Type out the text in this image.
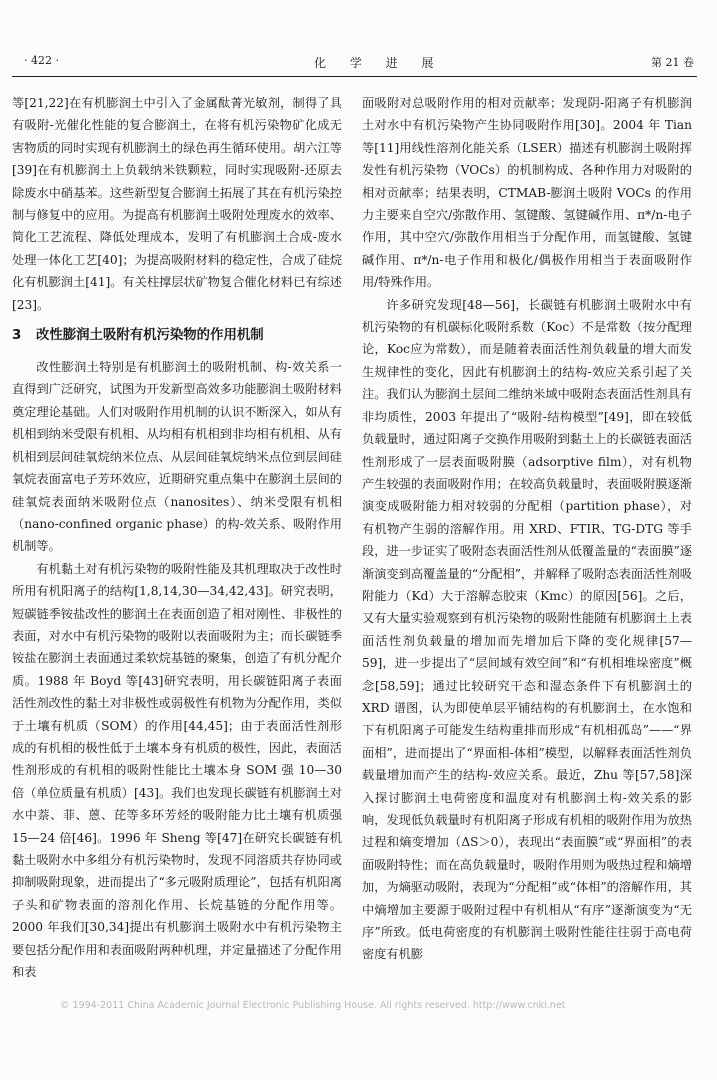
· 422 ·	化 学 进 展	第 21 卷

等[21,22]在有机膨润土中引入了金属酞菁光敏剂，制得了具有吸附-光催化性能的复合膨润土，在将有机污染物矿化成无害物质的同时实现有机膨润土的绿色再生循环使用。胡六江等[39]在有机膨润土上负载纳米铁颗粒，同时实现吸附-还原去除废水中硝基苯。这些新型复合膨润土拓展了其在有机污染控制与修复中的应用。为提高有机膨润土吸附处理废水的效率、简化工艺流程、降低处理成本，发明了有机膨润土合成-废水处理一体化工艺[40]；为提高吸附材料的稳定性，合成了硅烷化有机膨润土[41]。有关柱撑层状矿物复合催化材料已有综述[23]。

3 改性膨润土吸附有机污染物的作用机制

改性膨润土特别是有机膨润土的吸附机制、构-效关系一直得到广泛研究，试图为开发新型高效多功能膨润土吸附材料奠定理论基础。人们对吸附作用机制的认识不断深入，如从有机相到纳米受限有机相、从均相有机相到非均相有机相、从有机相到层间硅氧烷纳米位点、从层间硅氧烷纳米点位到层间硅氧烷表面富电子芳环效应，近期研究重点集中在膨润土层间的硅氧烷表面纳米吸附位点（nanosites）、纳米受限有机相（nano-confined organic phase）的构-效关系、吸附作用机制等。

有机黏土对有机污染物的吸附性能及其机理取决于改性时所用有机阳离子的结构[1,8,14,30—34,42,43]。研究表明，短碳链季铵盐改性的膨润土在表面创造了相对刚性、非极性的表面，对水中有机污染物的吸附以表面吸附为主；而长碳链季铵盐在膨润土表面通过柔软烷基链的聚集，创造了有机分配介质。1988 年 Boyd 等[43]研究表明，用长碳链阳离子表面活性剂改性的黏土对非极性或弱极性有机物为分配作用，类似于土壤有机质（SOM）的作用[44,45]；由于表面活性剂形成的有机相的极性低于土壤本身有机质的极性，因此，表面活性剂形成的有机相的吸附性能比土壤本身 SOM 强 10—30 倍（单位质量有机质）[43]。我们也发现长碳链有机膨润土对水中萘、菲、蒽、芘等多环芳烃的吸附能力比土壤有机质强 15—24 倍[46]。1996 年 Sheng 等[47]在研究长碳链有机黏土吸附水中多组分有机污染物时，发现不同溶质共存协同或抑制吸附现象，进而提出了“多元吸附质理论”，包括有机阳离子头和矿物表面的溶剂化作用、长烷基链的分配作用等。2000 年我们[30,34]提出有机膨润土吸附水中有机污染物主要包括分配作用和表面吸附两种机理，并定量描述了分配作用和表

面吸附对总吸附作用的相对贡献率；发现阴-阳离子有机膨润土对水中有机污染物产生协同吸附作用[30]。2004 年 Tian 等[11]用线性溶剂化能关系（LSER）描述有机膨润土吸附挥发性有机污染物（VOCs）的机制构成、各种作用力对吸附的相对贡献率；结果表明，CTMAB-膨润土吸附 VOCs 的作用力主要来自空穴/弥散作用、氢键酸、氢键碱作用、π*/n-电子作用，其中空穴/弥散作用相当于分配作用，而氢键酸、氢键碱作用、π*/n-电子作用和极化/偶极作用相当于表面吸附作用/特殊作用。

许多研究发现[48—56]，长碳链有机膨润土吸附水中有机污染物的有机碳标化吸附系数（Koc）不是常数（按分配理论，Koc应为常数），而是随着表面活性剂负载量的增大而发生规律性的变化，因此有机膨润土的结构-效应关系引起了关注。我们认为膨润土层间二维纳米域中吸附态表面活性剂具有非均质性，2003 年提出了“吸附-结构模型”[49]，即在较低负载量时，通过阳离子交换作用吸附到黏土上的长碳链表面活性剂形成了一层表面吸附膜（adsorptive film），对有机物产生较强的表面吸附作用；在较高负载量时，表面吸附膜逐渐演变成吸附能力相对较弱的分配相（partition phase），对有机物产生弱的溶解作用。用 XRD、FTIR、TG-DTG 等手段，进一步证实了吸附态表面活性剂从低覆盖量的“表面膜”逐渐演变到高覆盖量的“分配相”，并解释了吸附态表面活性剂吸附能力（Kd）大于溶解态胶束（Kmc）的原因[56]。之后，又有大量实验观察到有机污染物的吸附性能随有机膨润土上表面活性剂负载量的增加而先增加后下降的变化规律[57—59]，进一步提出了“层间域有效空间”和“有机相堆垛密度”概念[58,59]；通过比较研究干态和湿态条件下有机膨润土的 XRD 谱图，认为即使单层平铺结构的有机膨润土，在水饱和下有机阳离子可能发生结构重排而形成“有机相孤岛”——“界面相”，进而提出了“界面相-体相”模型，以解释表面活性剂负载量增加而产生的结构-效应关系。最近，Zhu 等[57,58]深入探讨膨润土电荷密度和温度对有机膨润土构-效关系的影响，发现低负载量时有机阳离子形成有机相的吸附作用为放热过程和熵变增加（ΔS＞0），表现出“表面膜”或“界面相”的表面吸附特性；而在高负载量时，吸附作用则为吸热过程和熵增加，为熵驱动吸附，表现为“分配相”或“体相”的溶解作用，其中熵增加主要源于吸附过程中有机相从“有序”逐渐演变为“无序”所致。低电荷密度的有机膨润土吸附性能往往弱于高电荷密度有机膨

© 1994-2011 China Academic Journal Electronic Publishing House. All rights reserved. http://www.cnki.net
